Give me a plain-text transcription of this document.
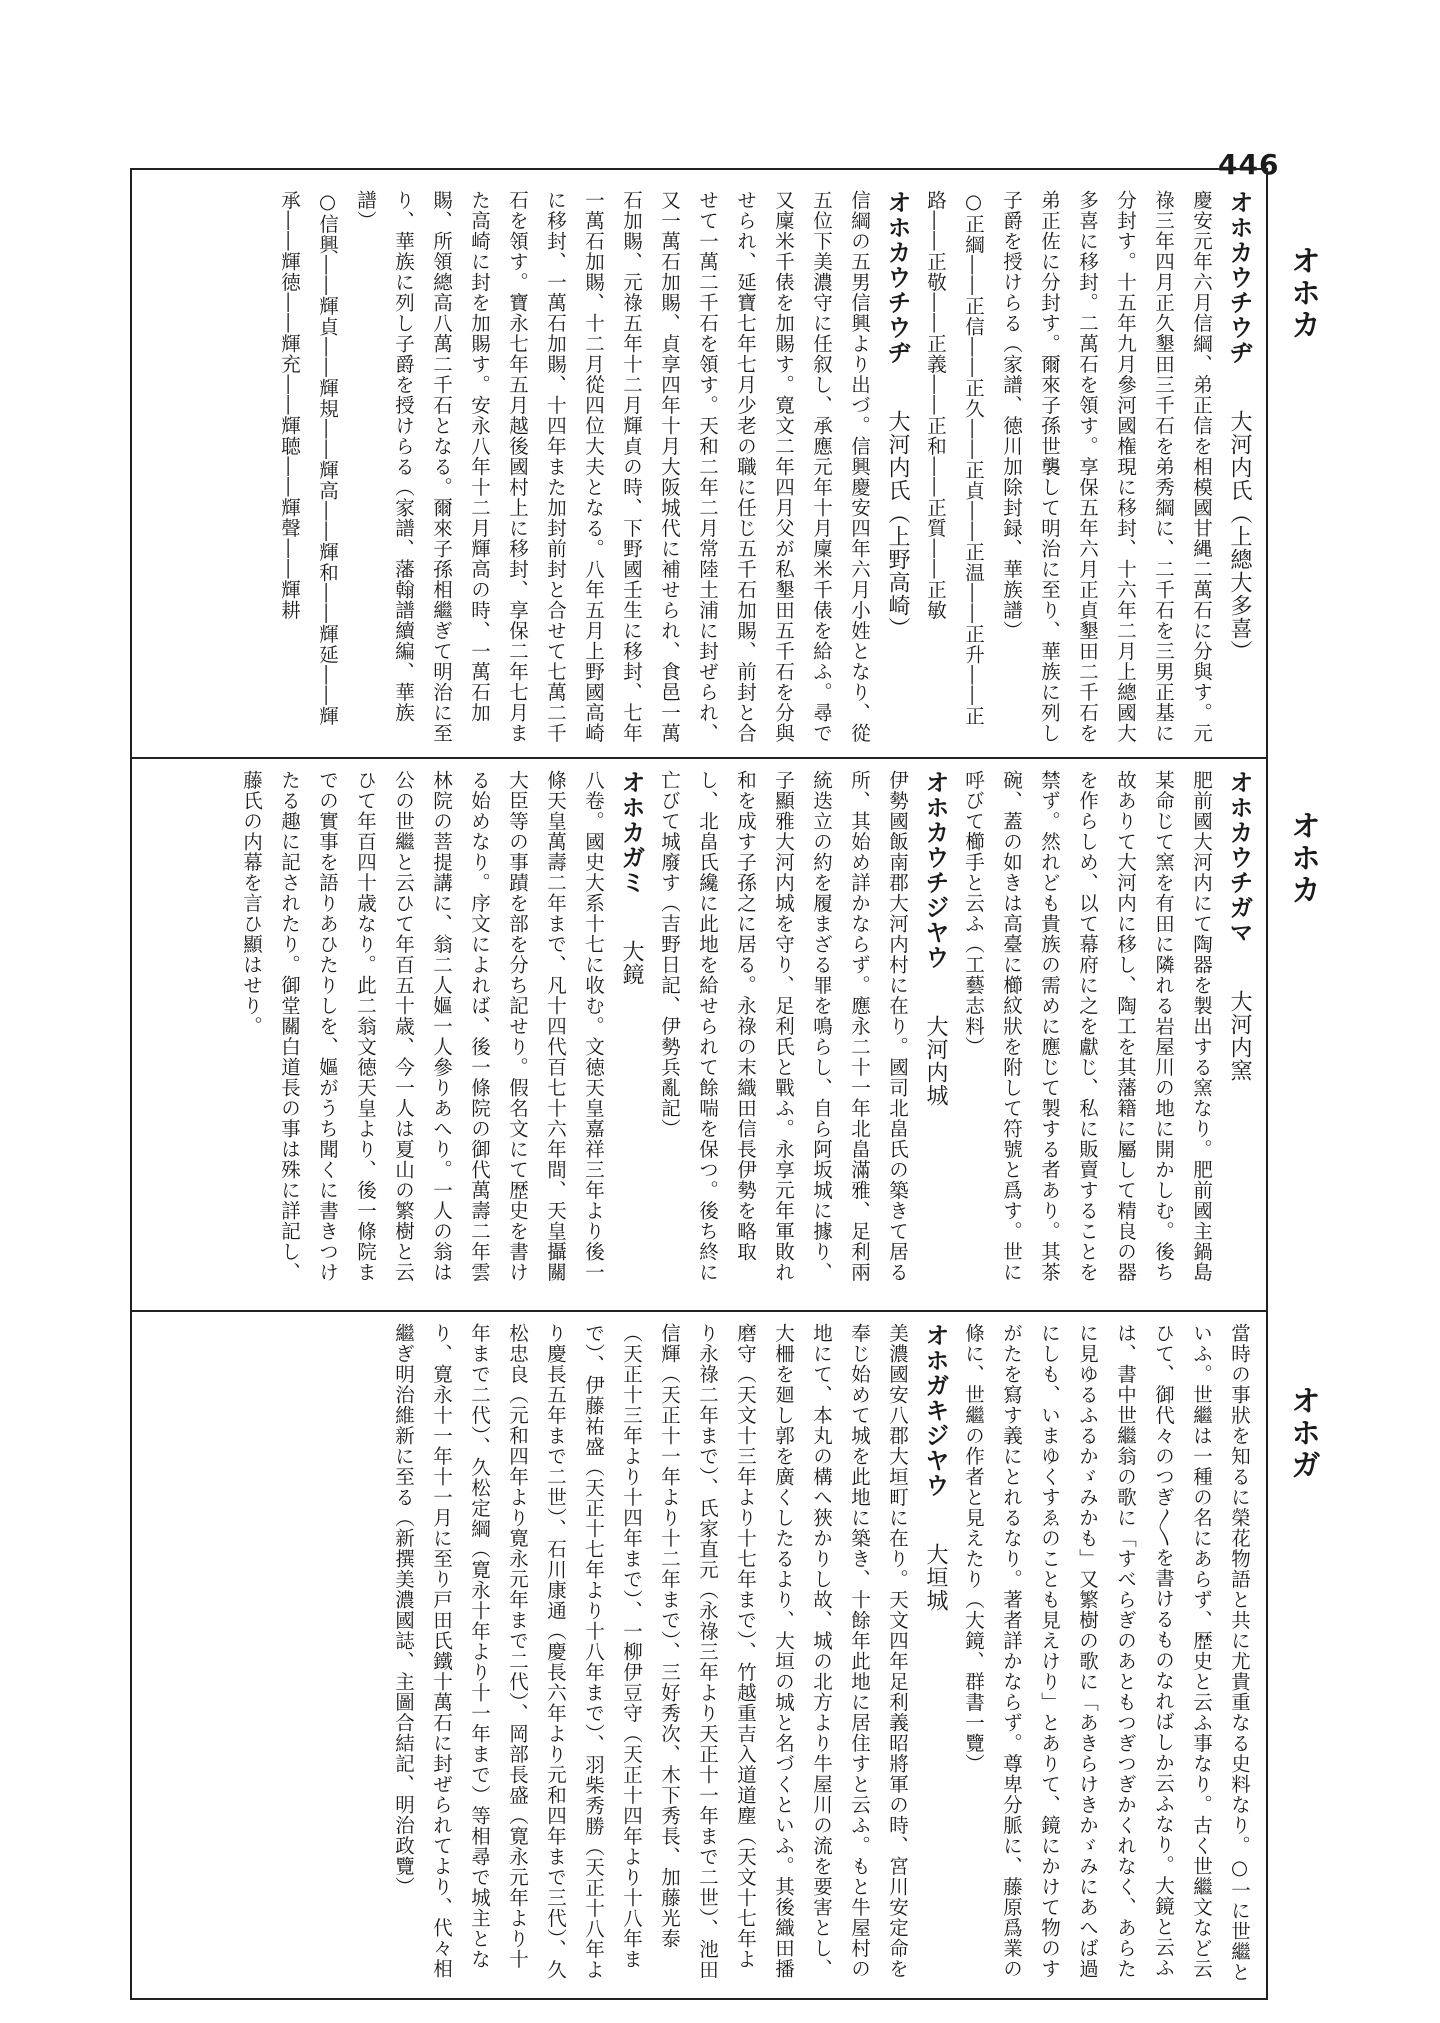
446
オホカ
オホカ
オホガ

オホカウチウヂ　大河内氏（上總大多喜）

慶安元年六月信綱、弟正信を相模國甘縄二萬石に分與す。元祿三年四月正久墾田三千石を弟秀綱に、二千石を三男正基に分封す。十五年九月參河國権現に移封、十六年二月上總國大多喜に移封。二萬石を領す。享保五年六月正貞墾田二千石を弟正佐に分封す。爾來子孫世襲して明治に至り、華族に列し子爵を授けらる（家譜、徳川加除封録、華族譜）

○正綱――正信――正久――正貞――正温――正升――正路――正敬――正義――正和――正質――正敏

オホカウチウヂ　大河内氏（上野高崎）

信綱の五男信興より出づ。信興慶安四年六月小姓となり、從五位下美濃守に任叙し、承應元年十月廩米千俵を給ふ。尋で又廩米千俵を加賜す。寛文二年四月父が私墾田五千石を分與せられ、延寶七年七月少老の職に任じ五千石加賜、前封と合せて一萬二千石を領す。天和二年二月常陸土浦に封ぜられ、又一萬石加賜、貞享四年十月大阪城代に補せられ、食邑一萬石加賜、元祿五年十二月輝貞の時、下野國壬生に移封、七年一萬石加賜、十二月從四位大夫となる。八年五月上野國高崎に移封、一萬石加賜、十四年また加封前封と合せて七萬二千石を領す。寶永七年五月越後國村上に移封、享保二年七月また高崎に封を加賜す。安永八年十二月輝高の時、一萬石加賜、所領總高八萬二千石となる。爾來子孫相繼ぎて明治に至り、華族に列し子爵を授けらる（家譜、藩翰譜續編、華族譜）

○信興――輝貞――輝規――輝高――輝和――輝延――輝承――輝徳――輝充――輝聴――輝聲――輝耕

オホカウチガマ　大河内窯

肥前國大河内にて陶器を製出する窯なり。肥前國主鍋島某命じて窯を有田に隣れる岩屋川の地に開かしむ。後ち故ありて大河内に移し、陶工を其藩籍に屬して精良の器を作らしめ、以て幕府に之を獻じ、私に販賣することを禁ず。然れども貴族の需めに應じて製する者あり。其茶碗、蓋の如きは高臺に櫛紋狀を附して符號と爲す。世に呼びて櫛手と云ふ（工藝志料）

オホカウチジヤウ　大河内城

伊勢國飯南郡大河内村に在り。國司北畠氏の築きて居る所、其始め詳かならず。應永二十一年北畠滿雅、足利兩統迭立の約を履まざる罪を鳴らし、自ら阿坂城に據り、子顯雅大河内城を守り、足利氏と戰ふ。永享元年軍敗れ和を成す子孫之に居る。永祿の末織田信長伊勢を略取し、北畠氏纔に此地を給せられて餘喘を保つ。後ち終に亡びて城廢す（吉野日記、伊勢兵亂記）

オホカガミ　大鏡

八卷。國史大系十七に收む。文徳天皇嘉祥三年より後一條天皇萬壽二年まで、凡十四代百七十六年間、天皇攝關大臣等の事蹟を部を分ち記せり。假名文にて歴史を書ける始めなり。序文によれば、後一條院の御代萬壽二年雲林院の菩提講に、翁二人嫗一人參りあへり。一人の翁は公の世繼と云ひて年百五十歳、今一人は夏山の繁樹と云ひて年百四十歳なり。此二翁文徳天皇より、後一條院までの實事を語りあひたりしを、嫗がうち聞くに書きつけたる趣に記されたり。御堂關白道長の事は殊に詳記し、藤氏の内幕を言ひ顯はせり。

當時の事狀を知るに榮花物語と共に尤貴重なる史料なり。○一に世繼といふ。世繼は一種の名にあらず、歴史と云ふ事なり。古く世繼文など云ひて、御代々のつぎ〳〵を書けるものなればしか云ふなり。大鏡と云ふは、書中世繼翁の歌に「すべらぎのあともつぎつぎかくれなく、あらたに見ゆるふるかゞみかも」又繁樹の歌に「あきらけきかゞみにあへば過にしも、いまゆくすゑのことも見えけり」とありて、鏡にかけて物のすがたを寫す義にとれるなり。著者詳かならず。尊卑分脈に、藤原爲業の條に、世繼の作者と見えたり（大鏡、群書一覽）

オホガキジヤウ　大垣城

美濃國安八郡大垣町に在り。天文四年足利義昭將軍の時、宮川安定命を奉じ始めて城を此地に築き、十餘年此地に居住すと云ふ。もと牛屋村の地にて、本丸の構へ狹かりし故、城の北方より牛屋川の流を要害とし、大柵を廻し郭を廣くしたるより、大垣の城と名づくといふ。其後織田播磨守（天文十三年より十七年まで）、竹越重吉入道道塵（天文十七年より永祿二年まで）、氏家直元（永祿三年より天正十一年まで二世）、池田信輝（天正十一年より十二年まで）、三好秀次、木下秀長、加藤光泰（天正十三年より十四年まで）、一柳伊豆守（天正十四年より十八年まで）、伊藤祐盛（天正十七年より十八年まで）、羽柴秀勝（天正十八年より慶長五年まで二世）、石川康通（慶長六年より元和四年まで三代）、久松忠良（元和四年より寛永元年まで二代）、岡部長盛（寛永元年より十年まで二代）、久松定綱（寛永十年より十一年まで）等相尋で城主となり、寛永十一年十一月に至り戸田氏鐵十萬石に封ぜられてより、代々相繼ぎ明治維新に至る（新撰美濃國誌、主圖合結記、明治政覽）
